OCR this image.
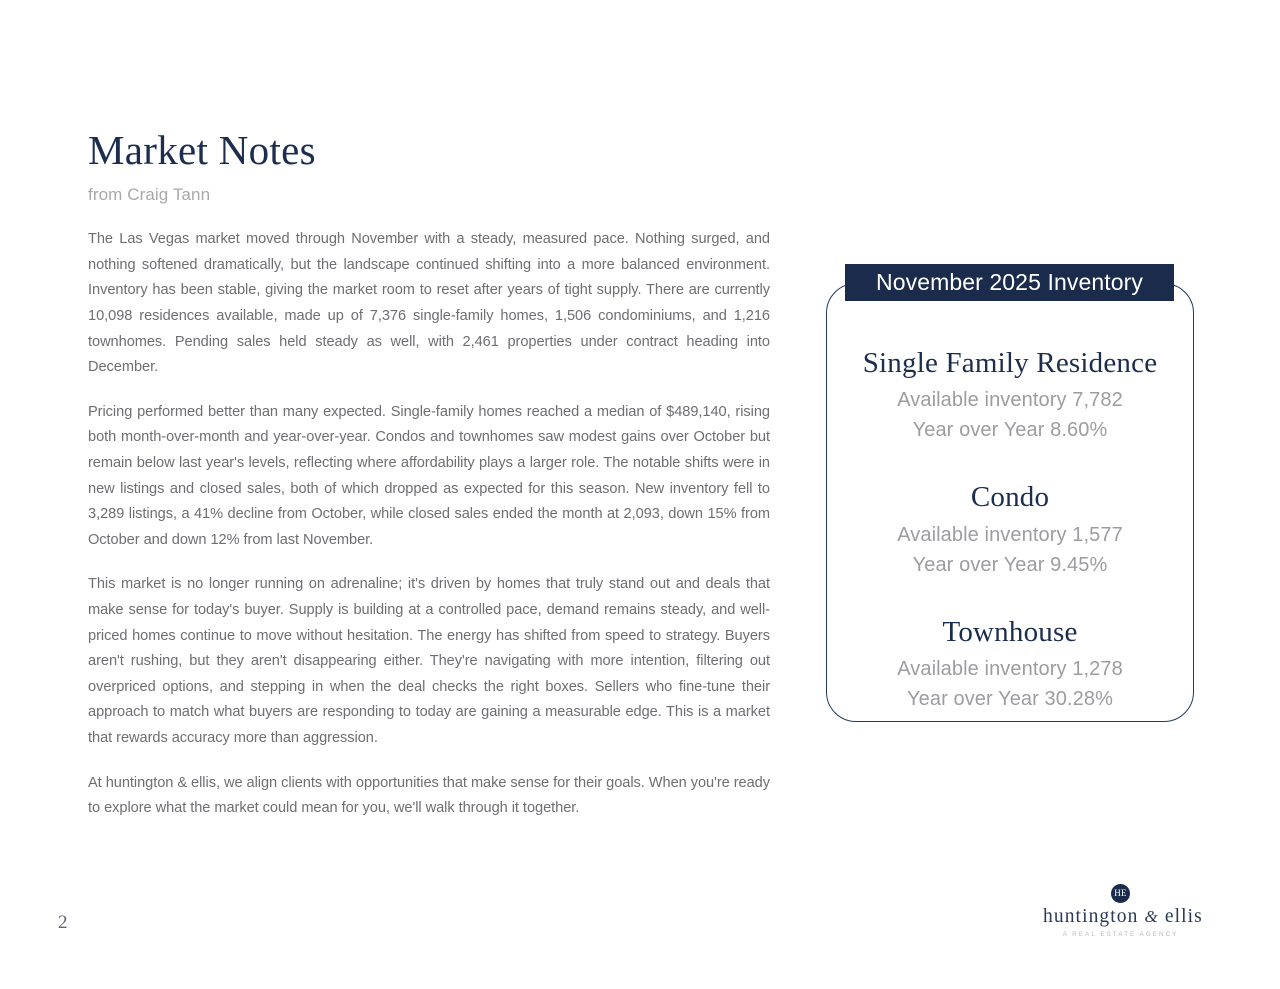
Market Notes
from Craig Tann

The Las Vegas market moved through November with a steady, measured pace. Nothing surged, and nothing softened dramatically, but the landscape continued shifting into a more balanced environment. Inventory has been stable, giving the market room to reset after years of tight supply. There are currently 10,098 residences available, made up of 7,376 single-family homes, 1,506 condominiums, and 1,216 townhomes. Pending sales held steady as well, with 2,461 properties under contract heading into December.

Pricing performed better than many expected. Single-family homes reached a median of $489,140, rising both month-over-month and year-over-year. Condos and townhomes saw modest gains over October but remain below last year's levels, reflecting where affordability plays a larger role. The notable shifts were in new listings and closed sales, both of which dropped as expected for this season. New inventory fell to 3,289 listings, a 41% decline from October, while closed sales ended the month at 2,093, down 15% from October and down 12% from last November.

This market is no longer running on adrenaline; it's driven by homes that truly stand out and deals that make sense for today's buyer. Supply is building at a controlled pace, demand remains steady, and well-priced homes continue to move without hesitation. The energy has shifted from speed to strategy. Buyers aren't rushing, but they aren't disappearing either. They're navigating with more intention, filtering out overpriced options, and stepping in when the deal checks the right boxes. Sellers who fine-tune their approach to match what buyers are responding to today are gaining a measurable edge. This is a market that rewards accuracy more than aggression.

At huntington & ellis, we align clients with opportunities that make sense for their goals. When you're ready to explore what the market could mean for you, we'll walk through it together.

2
November 2025 Inventory
Single Family Residence
Available inventory 7,782
Year over Year 8.60%
Condo
Available inventory 1,577
Year over Year 9.45%
Townhouse
Available inventory 1,278
Year over Year 30.28%
HE
huntington & ellis
A REAL ESTATE AGENCY
